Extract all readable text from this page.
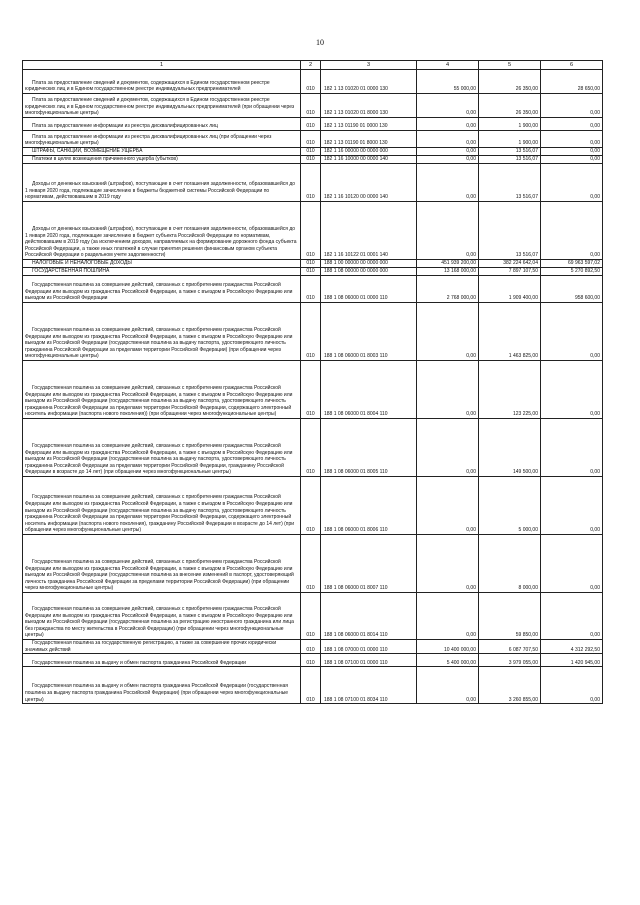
10
1	2	3	4	5	6
Плата за предоставление сведений и документов, содержащихся в Едином государственном реестре юридических лиц и в Едином государственном реестре индивидуальных предпринимателей	010	182 1 13 01020 01 0000 130	55 000,00	26 350,00	28 650,00
Плата за предоставление сведений и документов, содержащихся в Едином государственном реестре юридических лиц и в Едином государственном реестре индивидуальных предпринимателей (при обращении через многофункциональные центры)	010	182 1 13 01020 01 8000 130	0,00	26 350,00	0,00
Плата за предоставление информации из реестра дисквалифицированных лиц	010	182 1 13 01190 01 0000 130	0,00	1 900,00	0,00
Плата за предоставление информации из реестра дисквалифицированных лиц (при обращении через многофункциональные центры)	010	182 1 13 01190 01 8000 130	0,00	1 900,00	0,00
ШТРАФЫ, САНКЦИИ, ВОЗМЕЩЕНИЕ УЩЕРБА	010	182 1 16 00000 00 0000 000	0,00	13 516,07	0,00
Платежи в целях возмещения причиненного ущерба (убытков)	010	182 1 16 10000 00 0000 140	0,00	13 516,07	0,00
Доходы от денежных взысканий (штрафов), поступающие в счет погашения задолженности, образовавшейся до 1 января 2020 года, подлежащие зачислению в бюджеты бюджетной системы Российской Федерации по нормативам, действовавшим в 2019 году	010	182 1 16 10120 00 0000 140	0,00	13 516,07	0,00
Доходы от денежных взысканий (штрафов), поступающие в счет погашения задолженности, образовавшейся до 1 января 2020 года, подлежащие зачислению в бюджет субъекта Российской Федерации по нормативам, действовавшим в 2019 году (за исключением доходов, направляемых на формирование дорожного фонда субъекта Российской Федерации, а также иных платежей в случае принятия решения финансовым органом субъекта Российской Федерации о раздельном учете задолженности)	010	182 1 16 10122 01 0001 140	0,00	13 516,07	0,00
НАЛОГОВЫЕ И НЕНАЛОГОВЫЕ ДОХОДЫ	010	188 1 00 00000 00 0000 000	451 939 200,00	382 224 642,04	69 963 597,02
ГОСУДАРСТВЕННАЯ ПОШЛИНА	010	188 1 08 00000 00 0000 000	13 168 000,00	7 897 107,50	5 270 892,50
Государственная пошлина за совершение действий, связанных с приобретением гражданства Российской Федерации или выходом из гражданства Российской Федерации, а также с въездом в Российскую Федерацию или выездом из Российской Федерации	010	188 1 08 06000 01 0000 110	2 768 000,00	1 909 400,00	958 600,00
Государственная пошлина за совершение действий, связанных с приобретением гражданства Российской Федерации или выходом из гражданства Российской Федерации, а также с въездом в Российскую Федерацию или выездом из Российской Федерации (государственная пошлина за выдачу паспорта, удостоверяющего личность гражданина Российской Федерации за пределами территории Российской Федерации) (при обращении через многофункциональные центры)	010	188 1 08 06000 01 8003 110	0,00	1 463 825,00	0,00
Государственная пошлина за совершение действий, связанных с приобретением гражданства Российской Федерации или выходом из гражданства Российской Федерации, а также с въездом в Российскую Федерацию или выездом из Российской Федерации (государственная пошлина за выдачу паспорта, удостоверяющего личность гражданина Российской Федерации за пределами территории Российской Федерации, содержащего электронный носитель информации (паспорта нового поколения)) (при обращении через многофункциональные центры)	010	188 1 08 06000 01 8004 110	0,00	123 225,00	0,00
Государственная пошлина за совершение действий, связанных с приобретением гражданства Российской Федерации или выходом из гражданства Российской Федерации, а также с въездом в Российскую Федерацию или выездом из Российской Федерации (государственная пошлина за выдачу паспорта, удостоверяющего личность гражданина Российской Федерации за пределами территории Российской Федерации, гражданину Российской Федерации в возрасте до 14 лет) (при обращении через многофункциональные центры)	010	188 1 08 06000 01 8005 110	0,00	149 500,00	0,00
Государственная пошлина за совершение действий, связанных с приобретением гражданства Российской Федерации или выходом из гражданства Российской Федерации, а также с въездом в Российскую Федерацию или выездом из Российской Федерации (государственная пошлина за выдачу паспорта, удостоверяющего личность гражданина Российской Федерации за пределами территории Российской Федерации, содержащего электронный носитель информации (паспорта нового поколения), гражданину Российской Федерации в возрасте до 14 лет) (при обращении через многофункциональные центры)	010	188 1 08 06000 01 8006 110	0,00	5 000,00	0,00
Государственная пошлина за совершение действий, связанных с приобретением гражданства Российской Федерации или выходом из гражданства Российской Федерации, а также с въездом в Российскую Федерацию или выездом из Российской Федерации (государственная пошлина за внесение изменений в паспорт, удостоверяющий личность гражданина Российской Федерации за пределами территории Российской Федерации) (при обращении через многофункциональные центры)	010	188 1 08 06000 01 8007 110	0,00	8 000,00	0,00
Государственная пошлина за совершение действий, связанных с приобретением гражданства Российской Федерации или выходом из гражданства Российской Федерации, а также с въездом в Российскую Федерацию или выездом из Российской Федерации (государственная пошлина за регистрацию иностранного гражданина или лица без гражданства по месту жительства в Российской Федерации) (при обращении через многофункциональные центры)	010	188 1 08 06000 01 8014 110	0,00	59 850,00	0,00
Государственная пошлина за государственную регистрацию, а также за совершение прочих юридически значимых действий	010	188 1 08 07000 01 0000 110	10 400 000,00	6 087 707,50	4 312 292,50
Государственная пошлина за выдачу и обмен паспорта гражданина Российской Федерации	010	188 1 08 07100 01 0000 110	5 400 000,00	3 979 055,00	1 420 945,00
Государственная пошлина за выдачу и обмен паспорта гражданина Российской Федерации (государственная пошлина за выдачу паспорта гражданина Российской Федерации) (при обращении через многофункциональные центры)	010	188 1 08 07100 01 8034 110	0,00	3 260 855,00	0,00
